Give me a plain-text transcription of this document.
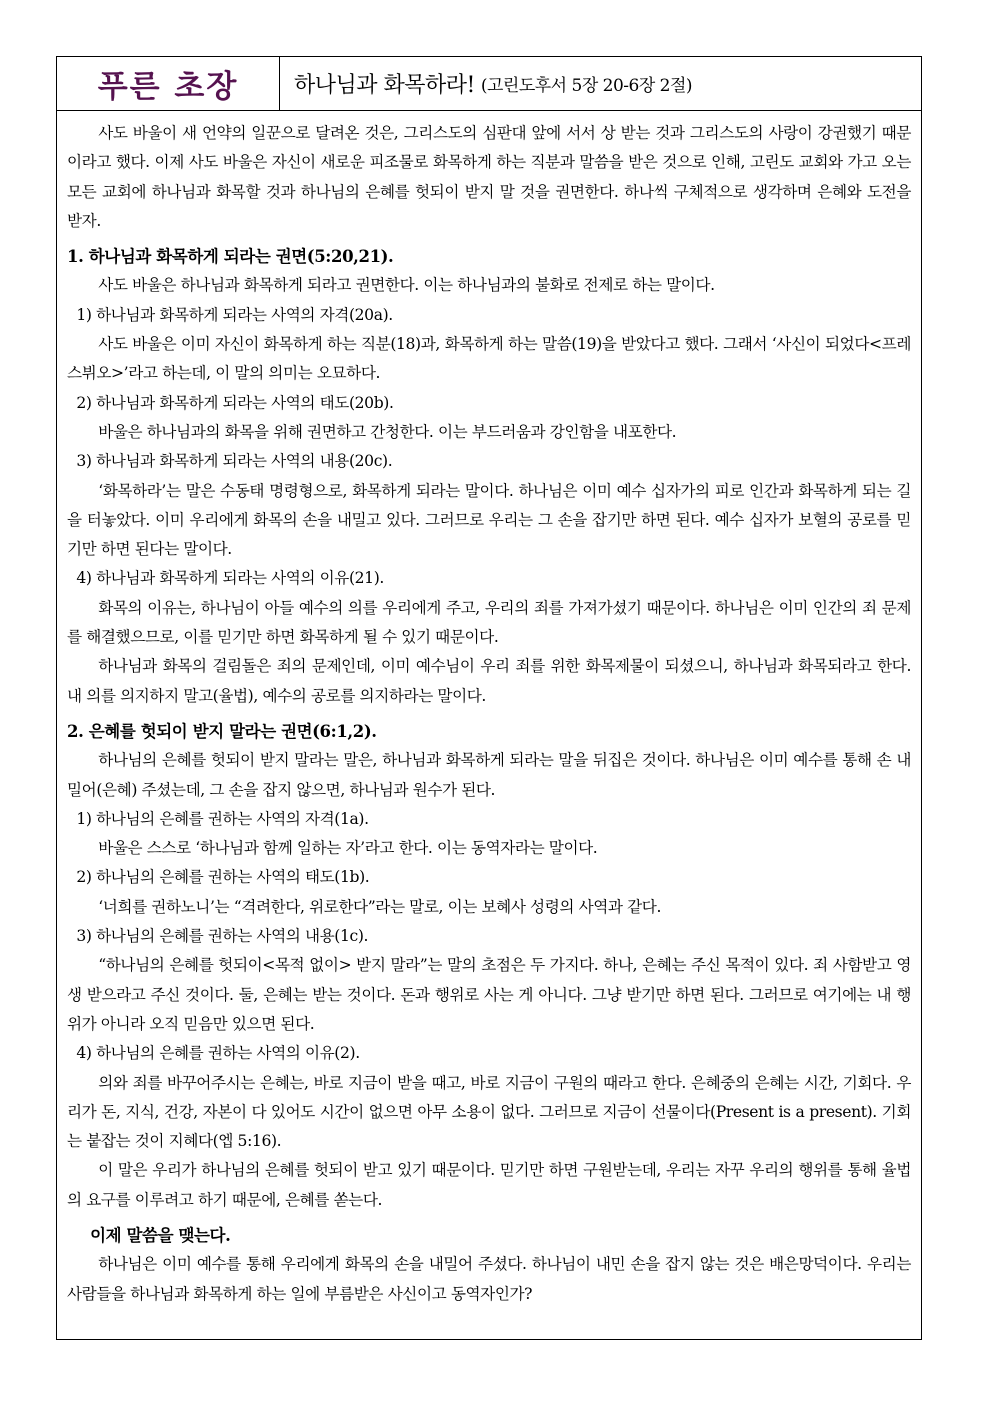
푸른 초장	하나님과 화목하라! (고린도후서 5장 20-6장 2절)

사도 바울이 새 언약의 일꾼으로 달려온 것은, 그리스도의 심판대 앞에 서서 상 받는 것과 그리스도의 사랑이 강권했기 때문이라고 했다. 이제 사도 바울은 자신이 새로운 피조물로 화목하게 하는 직분과 말씀을 받은 것으로 인해, 고린도 교회와 가고 오는 모든 교회에 하나님과 화목할 것과 하나님의 은혜를 헛되이 받지 말 것을 권면한다. 하나씩 구체적으로 생각하며 은혜와 도전을 받자.

1. 하나님과 화목하게 되라는 권면(5:20,21).

사도 바울은 하나님과 화목하게 되라고 권면한다. 이는 하나님과의 불화로 전제로 하는 말이다.

1) 하나님과 화목하게 되라는 사역의 자격(20a).

사도 바울은 이미 자신이 화목하게 하는 직분(18)과, 화목하게 하는 말씀(19)을 받았다고 했다. 그래서 ‘사신이 되었다<프레스뷔오>’라고 하는데, 이 말의 의미는 오묘하다.

2) 하나님과 화목하게 되라는 사역의 태도(20b).

바울은 하나님과의 화목을 위해 권면하고 간청한다. 이는 부드러움과 강인함을 내포한다.

3) 하나님과 화목하게 되라는 사역의 내용(20c).

‘화목하라’는 말은 수동태 명령형으로, 화목하게 되라는 말이다. 하나님은 이미 예수 십자가의 피로 인간과 화목하게 되는 길을 터놓았다. 이미 우리에게 화목의 손을 내밀고 있다. 그러므로 우리는 그 손을 잡기만 하면 된다. 예수 십자가 보혈의 공로를 믿기만 하면 된다는 말이다.

4) 하나님과 화목하게 되라는 사역의 이유(21).

화목의 이유는, 하나님이 아들 예수의 의를 우리에게 주고, 우리의 죄를 가져가셨기 때문이다. 하나님은 이미 인간의 죄 문제를 해결했으므로, 이를 믿기만 하면 화목하게 될 수 있기 때문이다.

하나님과 화목의 걸림돌은 죄의 문제인데, 이미 예수님이 우리 죄를 위한 화목제물이 되셨으니, 하나님과 화목되라고 한다. 내 의를 의지하지 말고(율법), 예수의 공로를 의지하라는 말이다.

2. 은혜를 헛되이 받지 말라는 권면(6:1,2).

하나님의 은혜를 헛되이 받지 말라는 말은, 하나님과 화목하게 되라는 말을 뒤집은 것이다. 하나님은 이미 예수를 통해 손 내밀어(은혜) 주셨는데, 그 손을 잡지 않으면, 하나님과 원수가 된다.

1) 하나님의 은혜를 권하는 사역의 자격(1a).

바울은 스스로 ‘하나님과 함께 일하는 자’라고 한다. 이는 동역자라는 말이다.

2) 하나님의 은혜를 권하는 사역의 태도(1b).

‘너희를 권하노니’는 “격려한다, 위로한다”라는 말로, 이는 보혜사 성령의 사역과 같다.

3) 하나님의 은혜를 권하는 사역의 내용(1c).

“하나님의 은혜를 헛되이<목적 없이> 받지 말라”는 말의 초점은 두 가지다. 하나, 은혜는 주신 목적이 있다. 죄 사함받고 영생 받으라고 주신 것이다. 둘, 은혜는 받는 것이다. 돈과 행위로 사는 게 아니다. 그냥 받기만 하면 된다. 그러므로 여기에는 내 행위가 아니라 오직 믿음만 있으면 된다.

4) 하나님의 은혜를 권하는 사역의 이유(2).

의와 죄를 바꾸어주시는 은혜는, 바로 지금이 받을 때고, 바로 지금이 구원의 때라고 한다. 은혜중의 은혜는 시간, 기회다. 우리가 돈, 지식, 건강, 자본이 다 있어도 시간이 없으면 아무 소용이 없다. 그러므로 지금이 선물이다(Present is a present). 기회는 붙잡는 것이 지혜다(엡 5:16).

이 말은 우리가 하나님의 은혜를 헛되이 받고 있기 때문이다. 믿기만 하면 구원받는데, 우리는 자꾸 우리의 행위를 통해 율법의 요구를 이루려고 하기 때문에, 은혜를 쏟는다.

이제 말씀을 맺는다.

하나님은 이미 예수를 통해 우리에게 화목의 손을 내밀어 주셨다. 하나님이 내민 손을 잡지 않는 것은 배은망덕이다. 우리는 사람들을 하나님과 화목하게 하는 일에 부름받은 사신이고 동역자인가?
